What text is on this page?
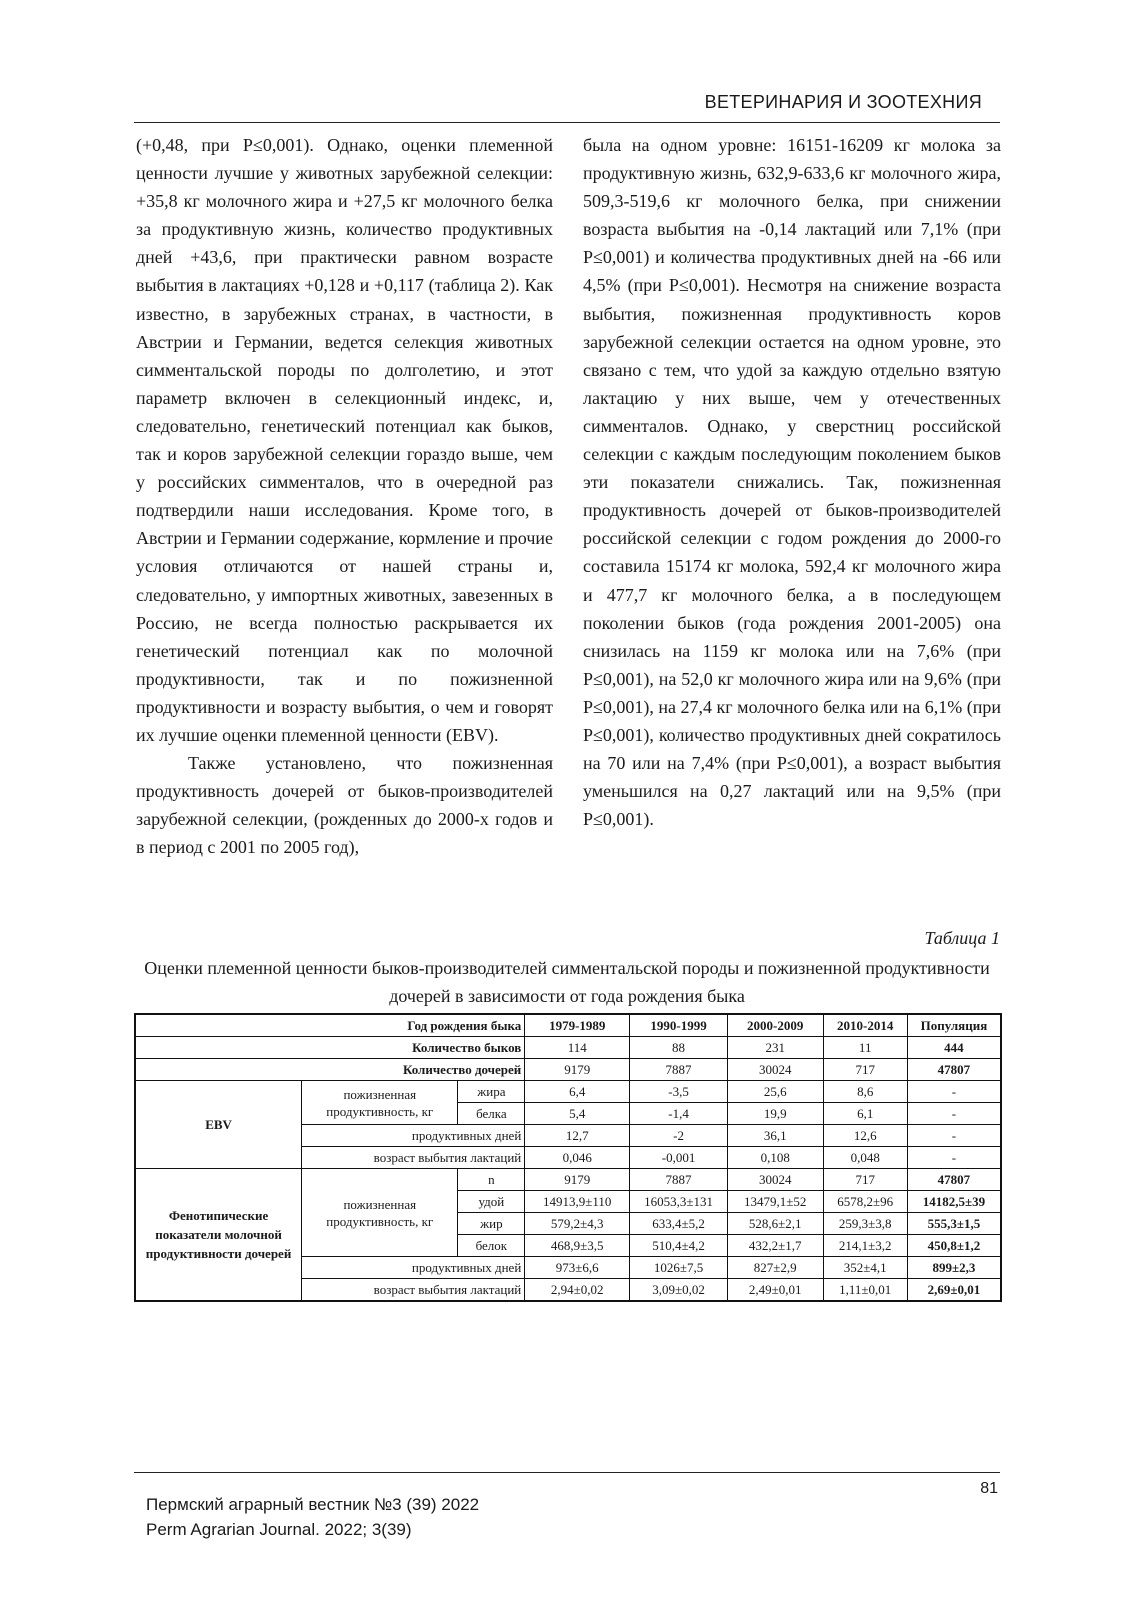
ВЕТЕРИНАРИЯ И ЗООТЕХНИЯ

(+0,48, при Р≤0,001). Однако, оценки племенной ценности лучшие у животных зарубежной селекции: +35,8 кг молочного жира и +27,5 кг молочного белка за продуктивную жизнь, количество продуктивных дней +43,6, при практически равном возрасте выбытия в лактациях +0,128 и +0,117 (таблица 2). Как известно, в зарубежных странах, в частности, в Австрии и Германии, ведется селекция животных симментальской породы по долголетию, и этот параметр включен в селекционный индекс, и, следовательно, генетический потенциал как быков, так и коров зарубежной селекции гораздо выше, чем у российских симменталов, что в очередной раз подтвердили наши исследования. Кроме того, в Австрии и Германии содержание, кормление и прочие условия отличаются от нашей страны и, следовательно, у импортных животных, завезенных в Россию, не всегда полностью раскрывается их генетический потенциал как по молочной продуктивности, так и по пожизненной продуктивности и возрасту выбытия, о чем и говорят их лучшие оценки племенной ценности (EBV).

Также установлено, что пожизненная продуктивность дочерей от быков-производителей зарубежной селекции, (рожденных до 2000-х годов и в период с 2001 по 2005 год),

была на одном уровне: 16151-16209 кг молока за продуктивную жизнь, 632,9-633,6 кг молочного жира, 509,3-519,6 кг молочного белка, при снижении возраста выбытия на -0,14 лактаций или 7,1% (при Р≤0,001) и количества продуктивных дней на -66 или 4,5% (при Р≤0,001). Несмотря на снижение возраста выбытия, пожизненная продуктивность коров зарубежной селекции остается на одном уровне, это связано с тем, что удой за каждую отдельно взятую лактацию у них выше, чем у отечественных симменталов. Однако, у сверстниц российской селекции с каждым последующим поколением быков эти показатели снижались. Так, пожизненная продуктивность дочерей от быков-производителей российской селекции с годом рождения до 2000-го составила 15174 кг молока, 592,4 кг молочного жира и 477,7 кг молочного белка, а в последующем поколении быков (года рождения 2001-2005) она снизилась на 1159 кг молока или на 7,6% (при Р≤0,001), на 52,0 кг молочного жира или на 9,6% (при Р≤0,001), на 27,4 кг молочного белка или на 6,1% (при Р≤0,001), количество продуктивных дней сократилось на 70 или на 7,4% (при Р≤0,001), а возраст выбытия уменьшился на 0,27 лактаций или на 9,5% (при Р≤0,001).

Таблица 1
Оценки племенной ценности быков-производителей симментальской породы и пожизненной продуктивности дочерей в зависимости от года рождения быка
Год рождения быка			1979-1989	1990-1999	2000-2009	2010-2014	Популяция
Количество быков			114	88	231	11	444
Количество дочерей			9179	7887	30024	717	47807
EBV	пожизненная продуктивность, кг	жира	6,4	-3,5	25,6	8,6	-
		белка	5,4	-1,4	19,9	6,1	-
	продуктивных дней		12,7	-2	36,1	12,6	-
	возраст выбытия лактаций		0,046	-0,001	0,108	0,048	-
Фенотипические показатели молочной продуктивности дочерей	пожизненная продуктивность, кг	n	9179	7887	30024	717	47807
		удой	14913,9±110	16053,3±131	13479,1±52	6578,2±96	14182,5±39
		жир	579,2±4,3	633,4±5,2	528,6±2,1	259,3±3,8	555,3±1,5
		белок	468,9±3,5	510,4±4,2	432,2±1,7	214,1±3,2	450,8±1,2
	продуктивных дней		973±6,6	1026±7,5	827±2,9	352±4,1	899±2,3
	возраст выбытия лактаций		2,94±0,02	3,09±0,02	2,49±0,01	1,11±0,01	2,69±0,01
81
Пермский аграрный вестник №3 (39) 2022
Perm Agrarian Journal. 2022; 3(39)
